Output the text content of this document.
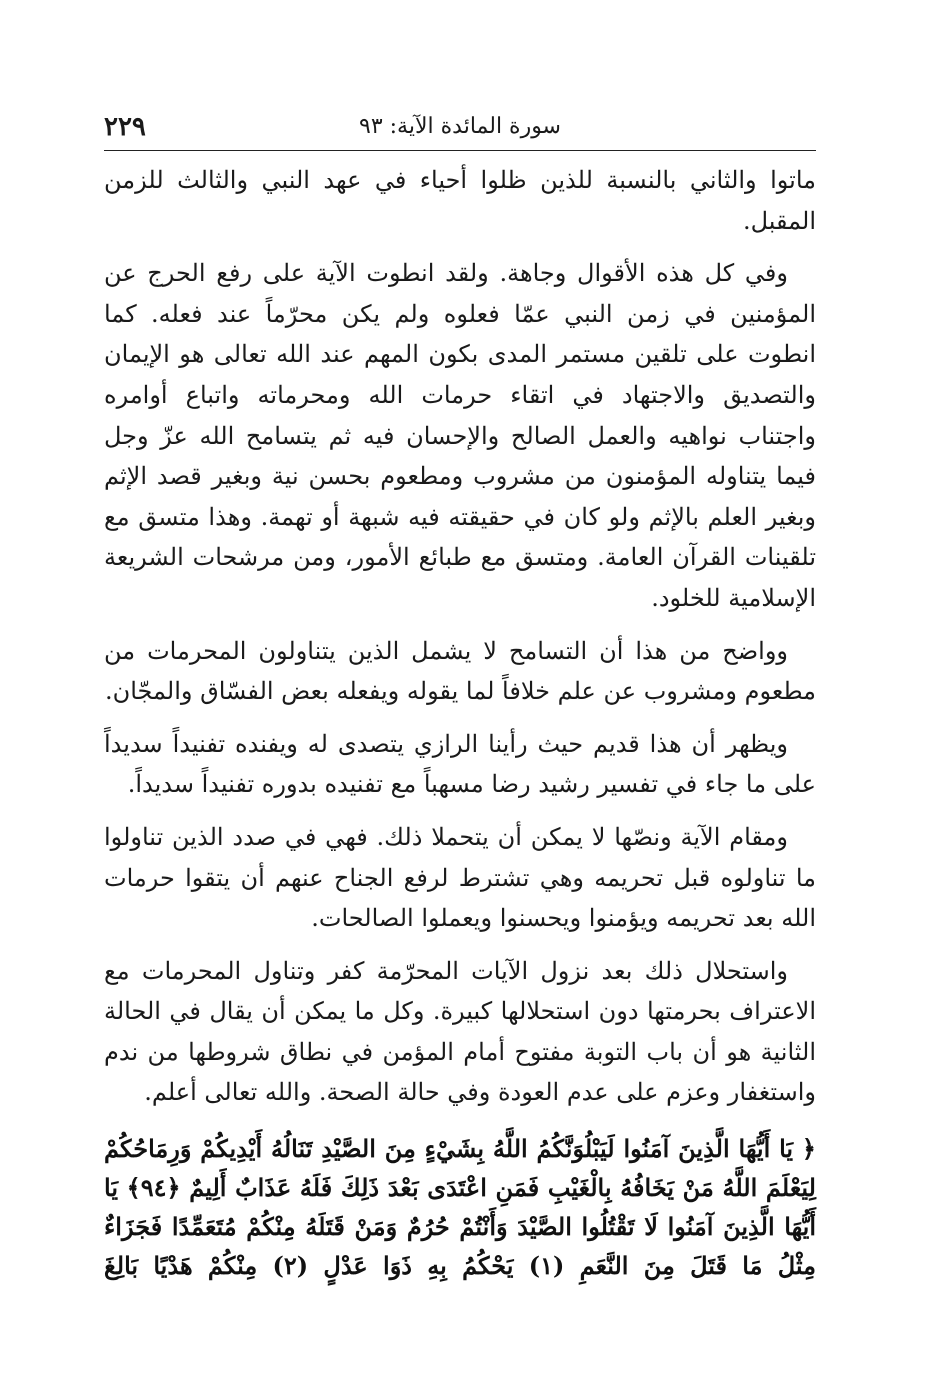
٢٢٩	سورة المائدة الآية: ٩٣

ماتوا والثاني بالنسبة للذين ظلوا أحياء في عهد النبي والثالث للزمن المقبل.

وفي كل هذه الأقوال وجاهة. ولقد انطوت الآية على رفع الحرج عن المؤمنين في زمن النبي عمّا فعلوه ولم يكن محرّماً عند فعله. كما انطوت على تلقين مستمر المدى بكون المهم عند الله تعالى هو الإيمان والتصديق والاجتهاد في اتقاء حرمات الله ومحرماته واتباع أوامره واجتناب نواهيه والعمل الصالح والإحسان فيه ثم يتسامح الله عزّ وجل فيما يتناوله المؤمنون من مشروب ومطعوم بحسن نية وبغير قصد الإثم وبغير العلم بالإثم ولو كان في حقيقته فيه شبهة أو تهمة. وهذا متسق مع تلقينات القرآن العامة. ومتسق مع طبائع الأمور، ومن مرشحات الشريعة الإسلامية للخلود.

وواضح من هذا أن التسامح لا يشمل الذين يتناولون المحرمات من مطعوم ومشروب عن علم خلافاً لما يقوله ويفعله بعض الفسّاق والمجّان.

ويظهر أن هذا قديم حيث رأينا الرازي يتصدى له ويفنده تفنيداً سديداً على ما جاء في تفسير رشيد رضا مسهباً مع تفنيده بدوره تفنيداً سديداً.

ومقام الآية ونصّها لا يمكن أن يتحملا ذلك. فهي في صدد الذين تناولوا ما تناولوه قبل تحريمه وهي تشترط لرفع الجناح عنهم أن يتقوا حرمات الله بعد تحريمه ويؤمنوا ويحسنوا ويعملوا الصالحات.

واستحلال ذلك بعد نزول الآيات المحرّمة كفر وتناول المحرمات مع الاعتراف بحرمتها دون استحلالها كبيرة. وكل ما يمكن أن يقال في الحالة الثانية هو أن باب التوبة مفتوح أمام المؤمن في نطاق شروطها من ندم واستغفار وعزم على عدم العودة وفي حالة الصحة. والله تعالى أعلم.

﴿ يَا أَيُّهَا الَّذِينَ آمَنُوا لَيَبْلُوَنَّكُمُ اللَّهُ بِشَيْءٍ مِنَ الصَّيْدِ تَنَالُهُ أَيْدِيكُمْ وَرِمَاحُكُمْ لِيَعْلَمَ اللَّهُ مَنْ يَخَافُهُ بِالْغَيْبِ فَمَنِ اعْتَدَى بَعْدَ ذَلِكَ فَلَهُ عَذَابٌ أَلِيمٌ ﴿٩٤﴾ يَا أَيُّهَا الَّذِينَ آمَنُوا لَا تَقْتُلُوا الصَّيْدَ وَأَنْتُمْ حُرُمٌ وَمَنْ قَتَلَهُ مِنْكُمْ مُتَعَمِّدًا فَجَزَاءٌ مِثْلُ مَا قَتَلَ مِنَ النَّعَمِ (١) يَحْكُمُ بِهِ ذَوَا عَدْلٍ (٢) مِنْكُمْ هَدْيًا بَالِغَ
